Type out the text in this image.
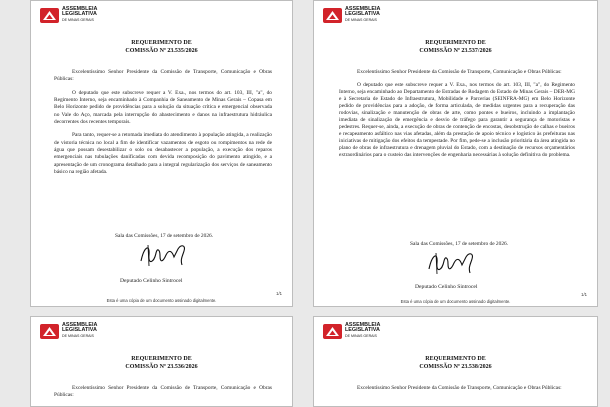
ASSEMBLEIA
LEGISLATIVA
DE MINAS GERAIS
REQUERIMENTO DE
COMISSÃO Nº 23.535/2026

Excelentíssimo Senhor Presidente da Comissão de Transporte, Comunicação e Obras Públicas:

O deputado que este subscreve requer a V. Exa., nos termos do art. 103, III, "a", do Regimento Interno, seja encaminhado à Companhia de Saneamento de Minas Gerais – Copasa em Belo Horizonte pedido de providências para a solução da situação crítica e emergencial observada no Vale do Aço, marcada pela interrupção do abastecimento e danos na infraestrutura hidráulica decorrentes dos recentes temporais.

Para tanto, requer-se a retomada imediata do atendimento à população atingida, a realização de vistoria técnica no local a fim de identificar vazamentos de esgoto ou rompimentos na rede de água que possam desestabilizar o solo ou desabastecer a população, a execução dos reparos emergenciais nas tubulações danificadas com devida recomposição do pavimento atingido, e a apresentação de um cronograma detalhado para a integral regularização dos serviços de saneamento básico na região afetada.

Sala das Comissões, 17 de setembro de 2026.
Deputado Celinho Sintrocel
1/1
Esta é uma cópia de um documento assinado digitalmente.
ASSEMBLEIA
LEGISLATIVA
DE MINAS GERAIS
REQUERIMENTO DE
COMISSÃO Nº 23.537/2026

Excelentíssimo Senhor Presidente da Comissão de Transporte, Comunicação e Obras Públicas:

O deputado que este subscreve requer a V. Exa., nos termos do art. 103, III, "a", do Regimento Interno, seja encaminhado ao Departamento de Estradas de Rodagem do Estado de Minas Gerais – DER-MG e à Secretaria de Estado de Infraestrutura, Mobilidade e Parcerias (SEINFRA-MG) em Belo Horizonte pedido de providências para a adoção, de forma articulada, de medidas urgentes para a recuperação das rodovias, sinalização e manutenção de obras de arte, como pontes e bueiros, incluindo a implantação imediata de sinalização de emergência e desvio de tráfego para garantir a segurança de motoristas e pedestres. Requer-se, ainda, a execução de obras de contenção de encostas, desobstrução de calhas e bueiros e recapeamento asfáltico nas vias afetadas, além da prestação de apoio técnico e logístico às prefeituras nas iniciativas de mitigação dos efeitos da tempestade. Por fim, pede-se a inclusão prioritária da área atingida no plano de obras de infraestrutura e drenagem pluvial do Estado, com a destinação de recursos orçamentários extraordinários para o custeio das intervenções de engenharia necessárias à solução definitiva do problema.

Sala das Comissões, 17 de setembro de 2026.
Deputado Celinho Sintrocel
1/1
Esta é uma cópia de um documento assinado digitalmente.
ASSEMBLEIA
LEGISLATIVA
DE MINAS GERAIS
REQUERIMENTO DE
COMISSÃO Nº 23.536/2026

Excelentíssimo Senhor Presidente da Comissão de Transporte, Comunicação e Obras Públicas:

ASSEMBLEIA
LEGISLATIVA
DE MINAS GERAIS
REQUERIMENTO DE
COMISSÃO Nº 23.538/2026

Excelentíssimo Senhor Presidente da Comissão de Transporte, Comunicação e Obras Públicas:
